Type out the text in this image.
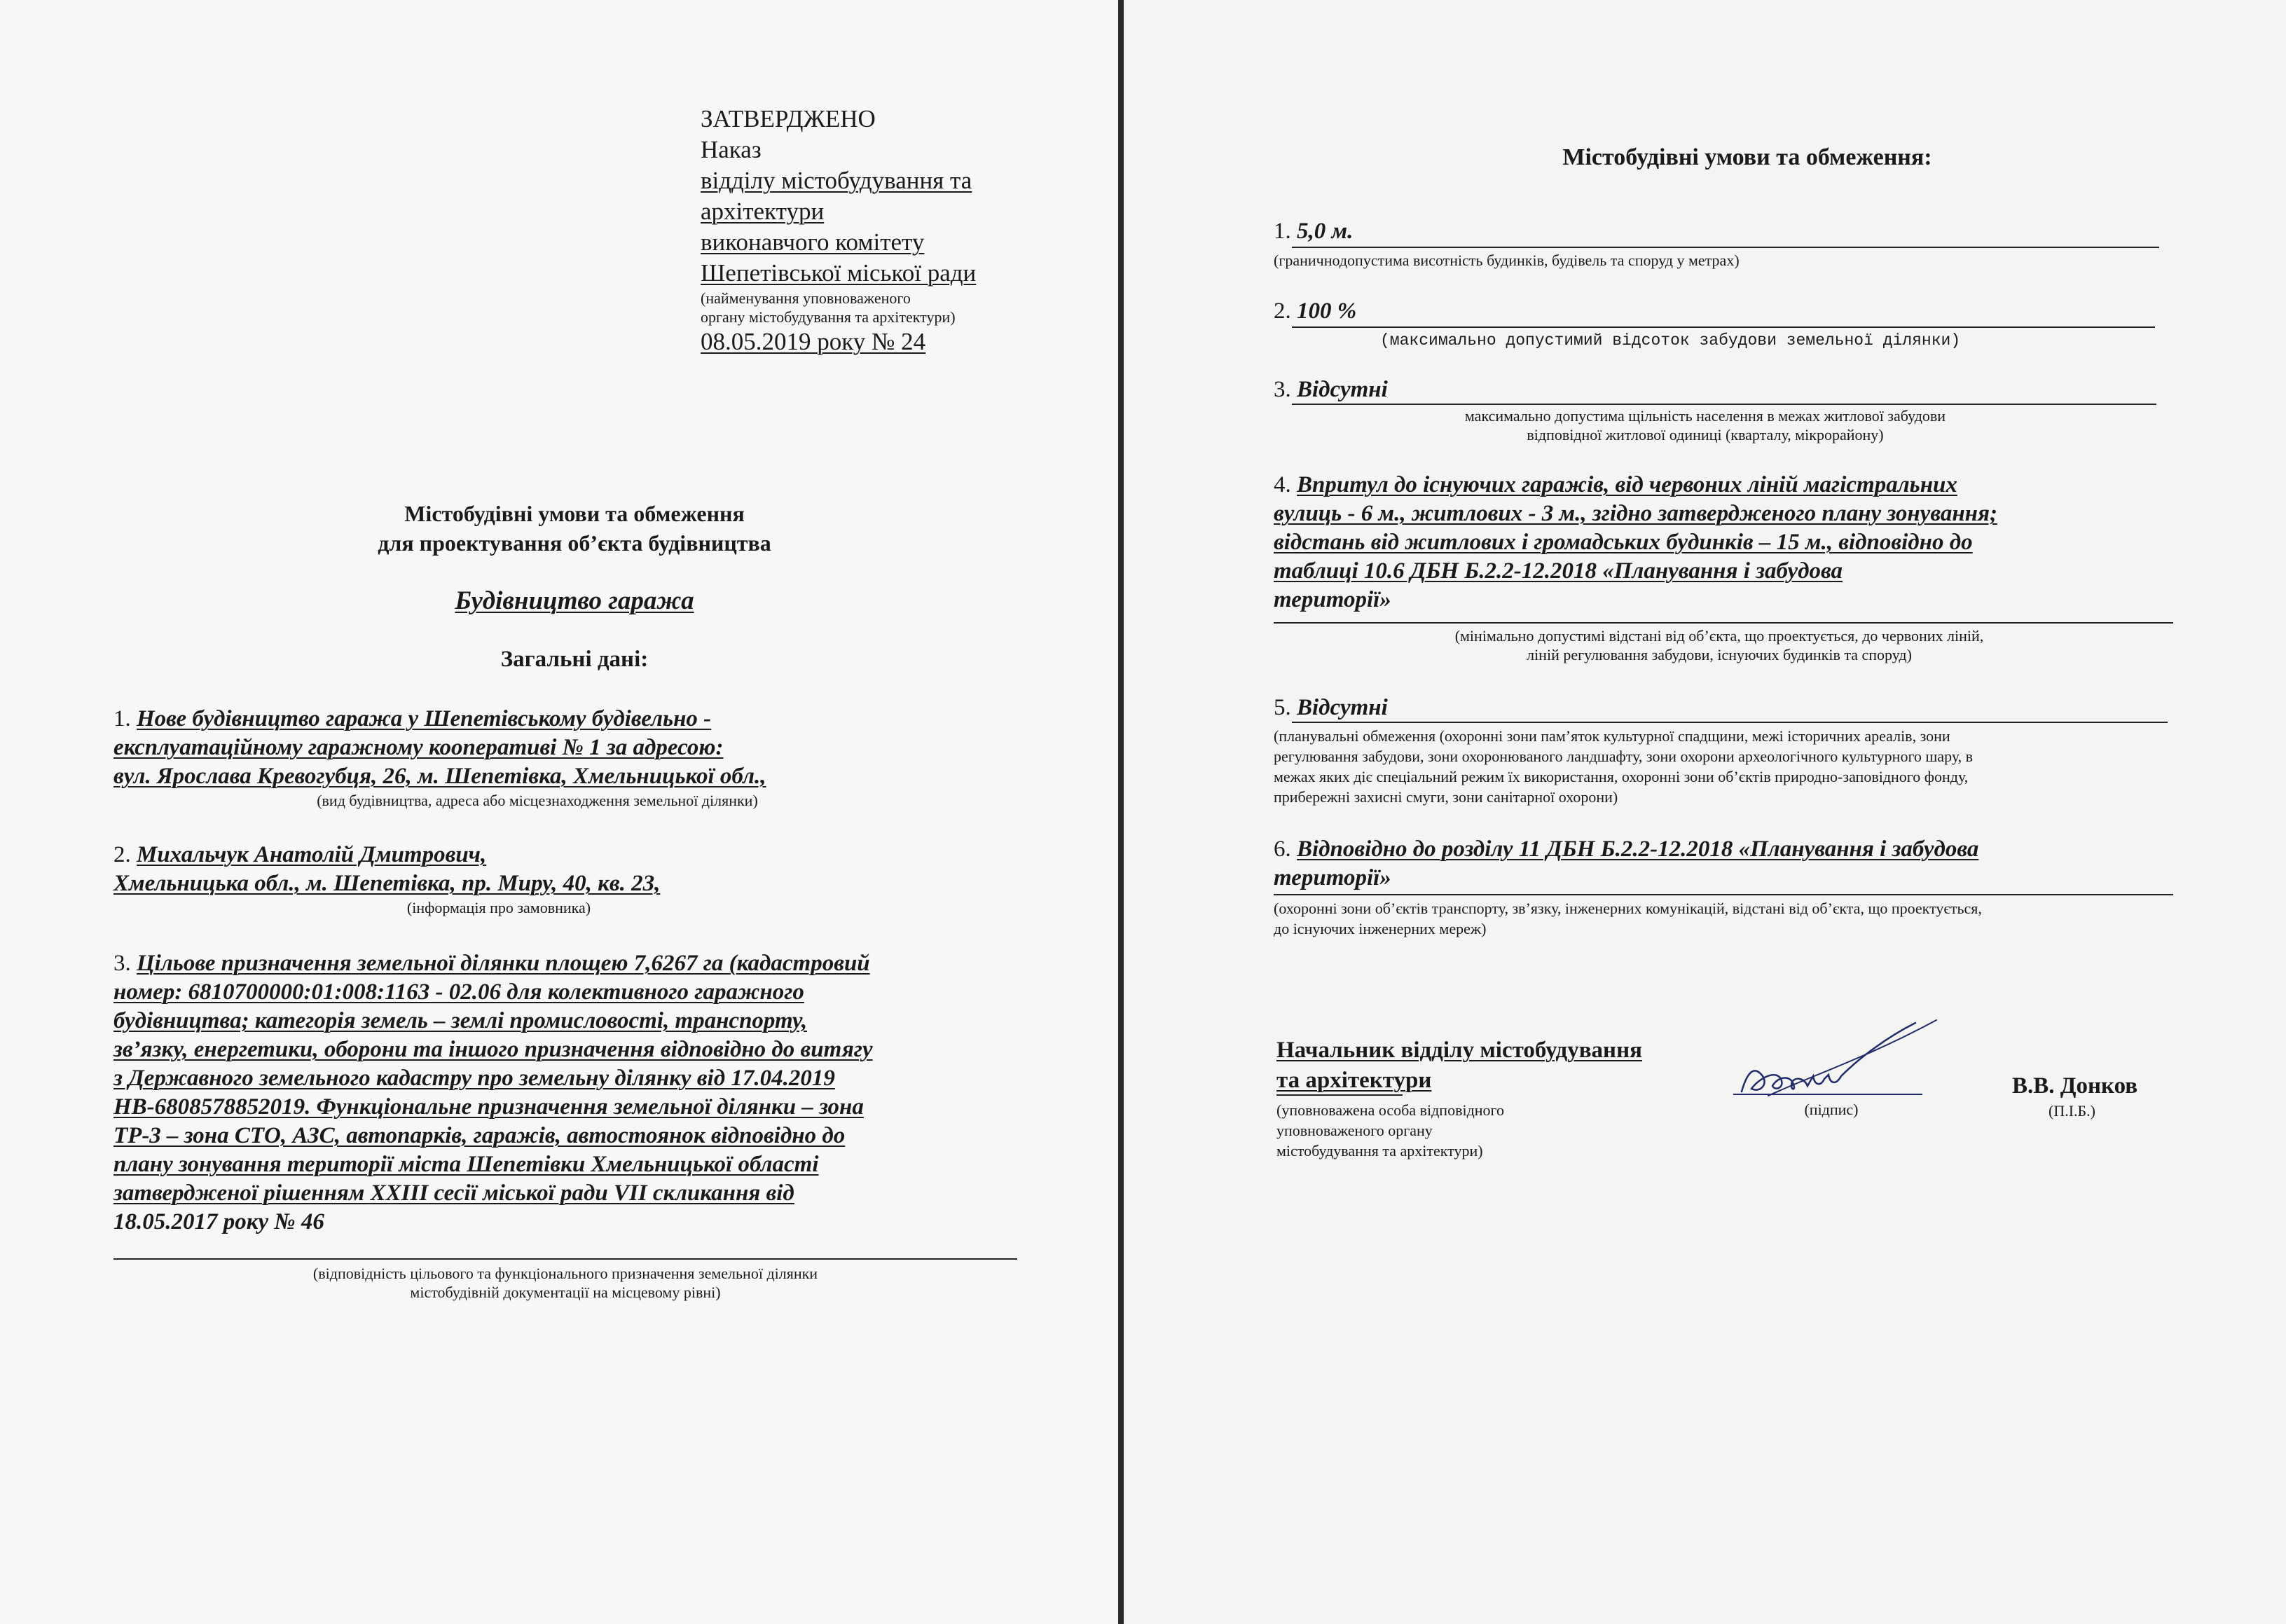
ЗАТВЕРДЖЕНО
Наказ
відділу містобудування та
архітектури
виконавчого комітету
Шепетівської міської ради
(найменування уповноваженого
органу містобудування та архітектури)
08.05.2019 року № 24
Містобудівні умови та обмеження
для проектування об’єкта будівництва
Будівництво гаража
Загальні дані:
1. Нове будівництво гаража у Шепетівському будівельно -
експлуатаційному гаражному кооперативі № 1 за адресою:
вул. Ярослава Кревогубця, 26, м. Шепетівка, Хмельницької обл.,
(вид будівництва, адреса або місцезнаходження земельної ділянки)
2. Михальчук Анатолій Дмитрович,
Хмельницька обл., м. Шепетівка, пр. Миру, 40, кв. 23,
(інформація про замовника)
3. Цільове призначення земельної ділянки площею 7,6267 га (кадастровий
номер: 6810700000:01:008:1163 - 02.06 для колективного гаражного
будівництва; категорія земель – землі промисловості, транспорту,
зв’язку, енергетики, оборони та іншого призначення відповідно до витягу
з Державного земельного кадастру про земельну ділянку від 17.04.2019
НВ-6808578852019. Функціональне призначення земельної ділянки – зона
ТР-3 – зона СТО, АЗС, автопарків, гаражів, автостоянок відповідно до
плану зонування території міста Шепетівки Хмельницької області
затвердженої рішенням XXIII сесії міської ради VII скликання від
18.05.2017 року № 46
(відповідність цільового та функціонального призначення земельної ділянки
містобудівній документації на місцевому рівні)
Містобудівні умови та обмеження:
1. 5,0 м.
(граничнодопустима висотність будинків, будівель та споруд у метрах)
2. 100 %
(максимально допустимий відсоток забудови земельної ділянки)
3. Відсутні
максимально допустима щільність населення в межах житлової забудови
відповідної житлової одиниці (кварталу, мікрорайону)
4. Впритул до існуючих гаражів, від червоних ліній магістральних
вулиць - 6 м., житлових - 3 м., згідно затвердженого плану зонування;
відстань від житлових і громадських будинків – 15 м., відповідно до
таблиці 10.6 ДБН Б.2.2-12.2018 «Планування і забудова
території»
(мінімально допустимі відстані від об’єкта, що проектується, до червоних ліній,
ліній регулювання забудови, існуючих будинків та споруд)
5. Відсутні
(планувальні обмеження (охоронні зони пам’яток культурної спадщини, межі історичних ареалів, зони
регулювання забудови, зони охоронюваного ландшафту, зони охорони археологічного культурного шару, в
межах яких діє спеціальний режим їх використання, охоронні зони об’єктів природно-заповідного фонду,
прибережні захисні смуги, зони санітарної охорони)
6. Відповідно до розділу 11 ДБН Б.2.2-12.2018 «Планування і забудова
території»
(охоронні зони об’єктів транспорту, зв’язку, інженерних комунікацій, відстані від об’єкта, що проектується,
до існуючих інженерних мереж)
Начальник відділу містобудування
та архітектури
(уповноважена особа відповідного
уповноваженого органу
містобудування та архітектури)
(підпис)
В.В. Донков
(П.І.Б.)
